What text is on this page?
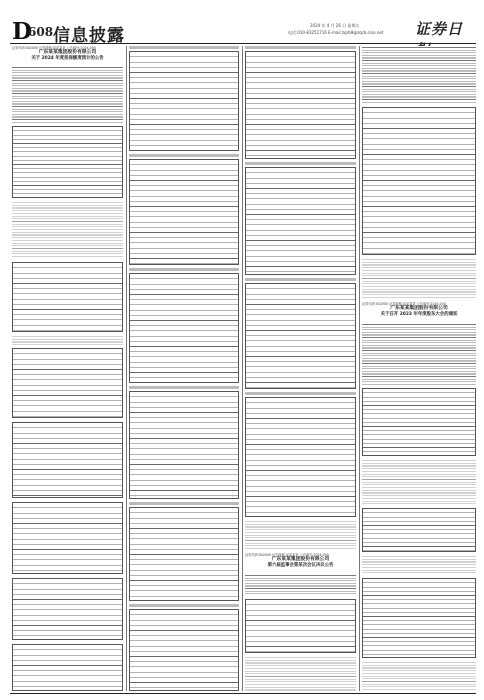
D
608 信息披露
2024 年 4 月 26 日 星期五
电话:010-83251716 E-mail:zqrb9@zqrb.sina.net 证券日
证券代码:002000 证券简称:某某某某 公告编号:2024-000
广东某某集团股份有限公司
关于 2024 年度担保额度预计的公告
证券代码:002000 证券简称:某某某某 公告编号:2024-000
广东某某集团股份有限公司
第六届监事会第某次会议决议公告
证券代码:002000 证券简称:某某某某 公告编号:2024-000
广东某某集团股份有限公司
关于召开 2023 年年度股东大会的通知
